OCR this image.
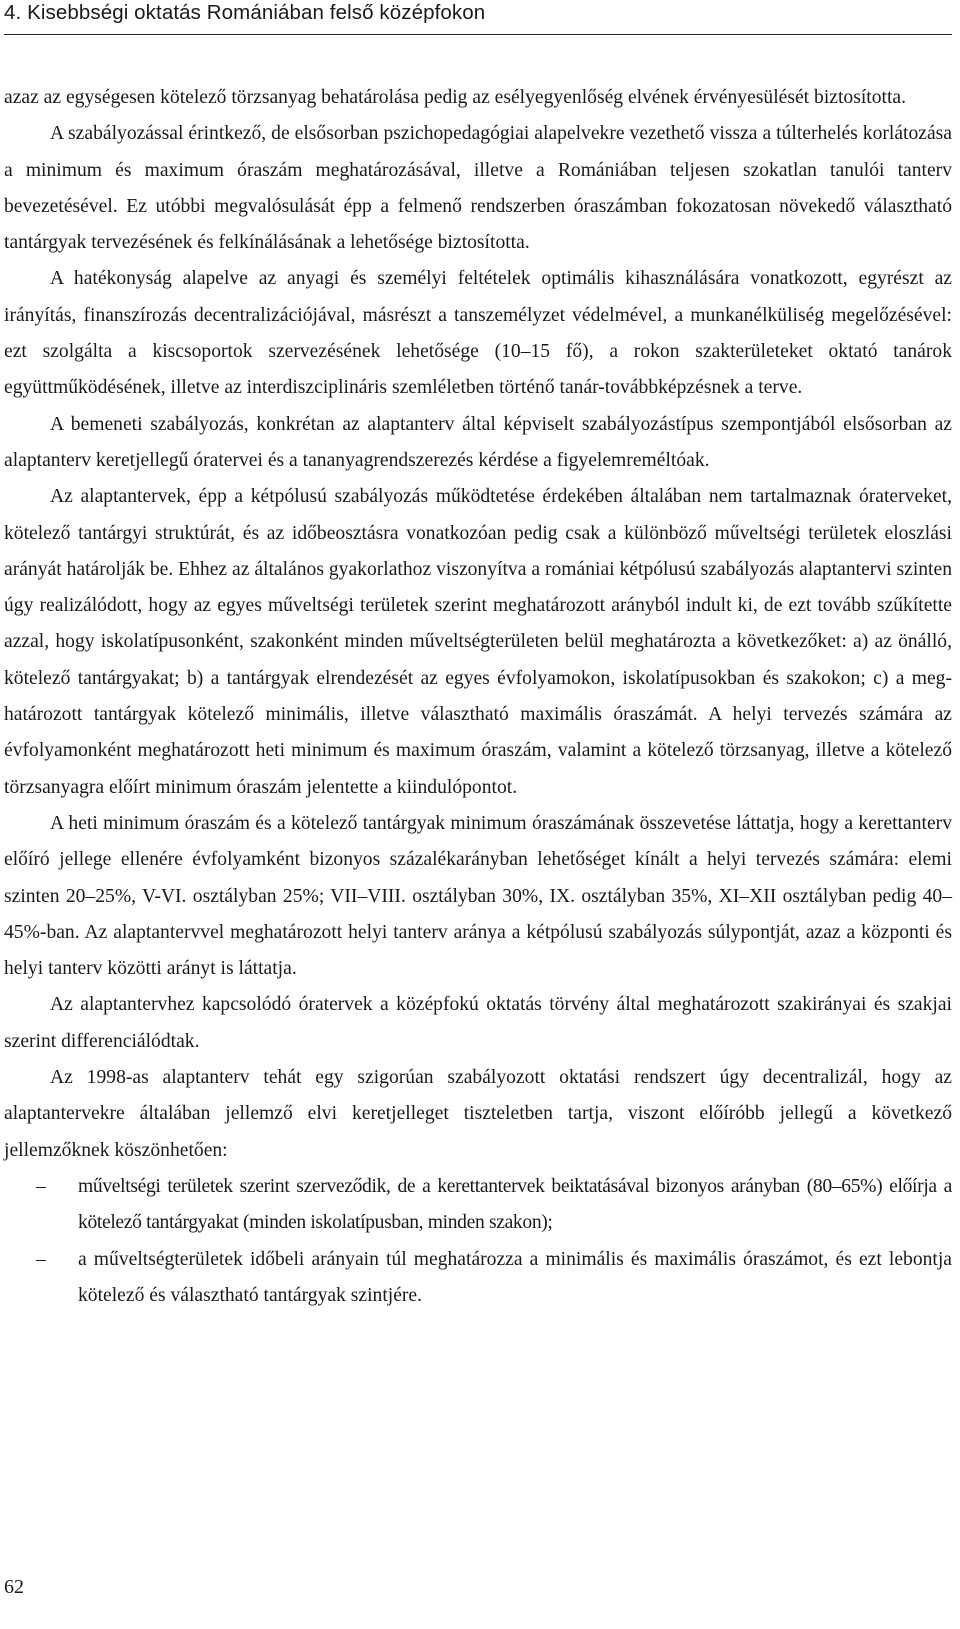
4. Kisebbségi oktatás Romániában felső középfokon

azaz az egységesen kötelező törzsanyag behatárolása pedig az esélyegyenlőség elvének érvényesülését biztosította.

A szabályozással érintkező, de elsősorban pszichopedagógiai alapelvekre vezethető vissza a túlterhelés korlátozása a minimum és maximum óraszám meghatározásával, illetve a Romániában teljesen szokatlan tanulói tanterv bevezetésével. Ez utóbbi megvalósulását épp a felmenő rendszerben óraszámban fokozatosan növekedő választható tantárgyak tervezésének és felkínálásának a lehetősége biztosította.

A hatékonyság alapelve az anyagi és személyi feltételek optimális kihasználására vonatkozott, egyrészt az irányítás, finanszírozás decentralizációjával, másrészt a tanszemélyzet védelmével, a munkanélküliség megelőzésével: ezt szolgálta a kiscsoportok szervezésének lehetősége (10–15 fő), a rokon szakterületeket oktató tanárok együttműködésének, illetve az interdiszciplináris szemléletben történő tanár-továbbképzésnek a terve.

A bemeneti szabályozás, konkrétan az alaptanterv által képviselt szabályozástípus szempontjából elsősorban az alaptanterv keretjellegű óratervei és a tananyagrendszerezés kérdése a figyelemreméltóak.

Az alaptantervek, épp a kétpólusú szabályozás működtetése érdekében általában nem tartalmaznak óraterveket, kötelező tantárgyi struktúrát, és az időbeosztásra vonatkozóan pedig csak a különböző műveltségi területek eloszlási arányát határolják be. Ehhez az általános gyakorlathoz viszonyítva a romániai kétpólusú szabályozás alaptantervi szinten úgy realizálódott, hogy az egyes műveltségi területek szerint meghatározott arányból indult ki, de ezt tovább szűkítette azzal, hogy iskolatípusonként, szakonként minden műveltségterületen belül meghatározta a következőket: a) az önálló, kötelező tantárgyakat; b) a tantárgyak elrendezését az egyes évfolyamokon, iskolatípusokban és szakokon; c) a meghatározott tantárgyak kötelező minimális, illetve választható maximális óraszámát. A helyi tervezés számára az évfolyamonként meghatározott heti minimum és maximum óraszám, valamint a kötelező törzsanyag, illetve a kötelező törzsanyagra előírt minimum óraszám jelentette a kiindulópontot.

A heti minimum óraszám és a kötelező tantárgyak minimum óraszámának összevetése láttatja, hogy a kerettanterv előíró jellege ellenére évfolyamként bizonyos százalékarányban lehetőséget kínált a helyi tervezés számára: elemi szinten 20–25%, V-VI. osztályban 25%; VII–VIII. osztályban 30%, IX. osztályban 35%, XI–XII osztályban pedig 40–45%-ban. Az alaptantervvel meghatározott helyi tanterv aránya a kétpólusú szabályozás súlypontját, azaz a központi és helyi tanterv közötti arányt is láttatja.

Az alaptantervhez kapcsolódó óratervek a középfokú oktatás törvény által meghatározott szakirányai és szakjai szerint differenciálódtak.

Az 1998-as alaptanterv tehát egy szigorúan szabályozott oktatási rendszert úgy decentralizál, hogy az alaptantervekre általában jellemző elvi keretjelleget tiszteletben tartja, viszont előíróbb jellegű a következő jellemzőknek köszönhetően:

– műveltségi területek szerint szerveződik, de a kerettantervek beiktatásával bizonyos arányban (80–65%) előírja a kötelező tantárgyakat (minden iskolatípusban, minden szakon);
– a műveltségterületek időbeli arányain túl meghatározza a minimális és maximális óraszámot, és ezt lebontja kötelező és választható tantárgyak szintjére.
62
